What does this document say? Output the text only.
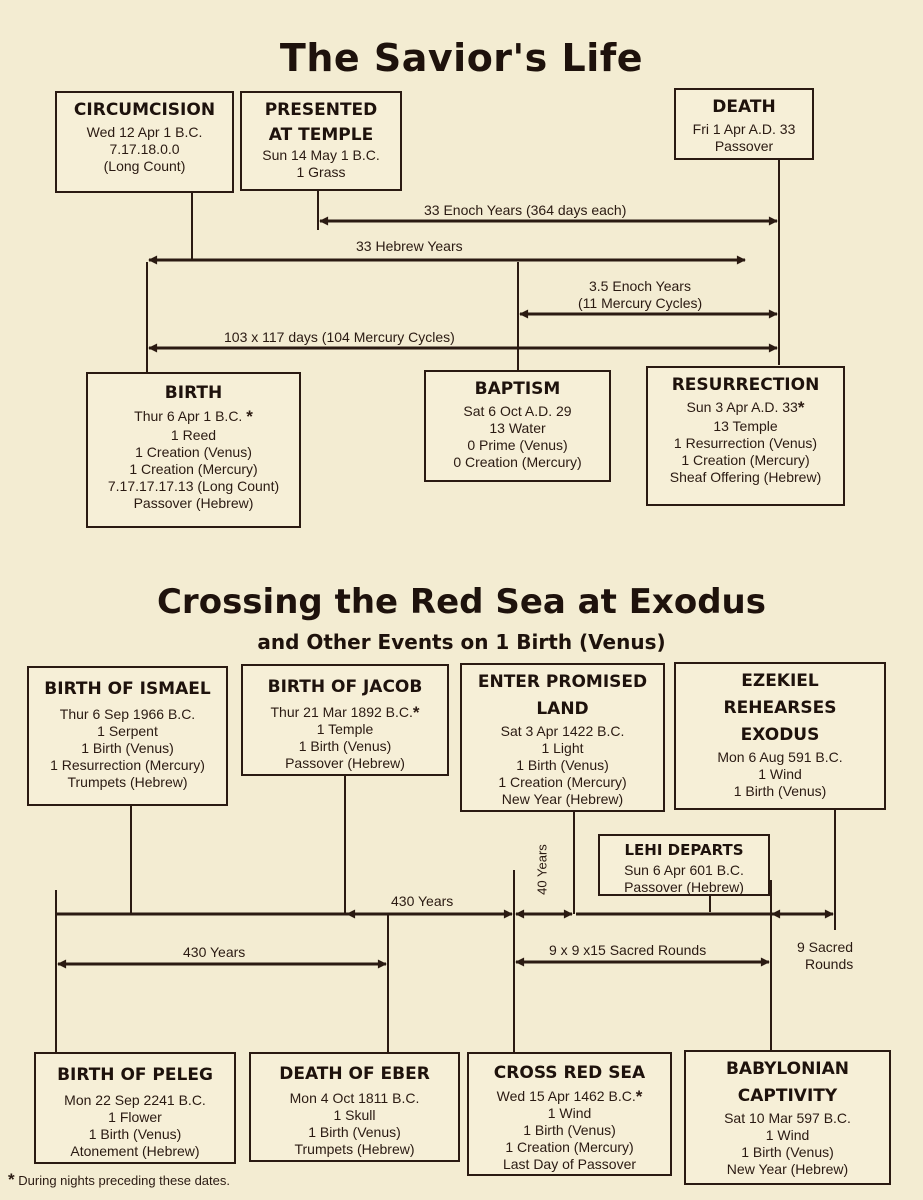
The Savior's Life
Crossing the Red Sea at Exodus
and Other Events on 1 Birth (Venus)
33 Enoch Years (364 days each)
33 Hebrew Years
3.5 Enoch Years
(11 Mercury Cycles)
103 x 117 days (104 Mercury Cycles)
CIRCUMCISION
Wed 12 Apr 1 B.C.
7.17.18.0.0
(Long Count)
PRESENTED
AT TEMPLE
Sun 14 May 1 B.C.
1 Grass
DEATH
Fri 1 Apr A.D. 33
Passover
BIRTH
Thur 6 Apr 1 B.C. *
1 Reed
1 Creation (Venus)
1 Creation (Mercury)
7.17.17.17.13 (Long Count)
Passover (Hebrew)
BAPTISM
Sat 6 Oct A.D. 29
13 Water
0 Prime (Venus)
0 Creation (Mercury)
RESURRECTION
Sun 3 Apr A.D. 33*
13 Temple
1 Resurrection (Venus)
1 Creation (Mercury)
Sheaf Offering (Hebrew)
430 Years
430 Years
40 Years
9 x 9 x15 Sacred Rounds	9 Sacred
Rounds
BIRTH OF ISMAEL
Thur 6 Sep 1966 B.C.
1 Serpent
1 Birth (Venus)
1 Resurrection (Mercury)
Trumpets (Hebrew)
BIRTH OF JACOB
Thur 21 Mar 1892 B.C.*
1 Temple
1 Birth (Venus)
Passover (Hebrew)
ENTER PROMISED
LAND
Sat 3 Apr 1422 B.C.
1 Light
1 Birth (Venus)
1 Creation (Mercury)
New Year (Hebrew)
EZEKIEL
REHEARSES
EXODUS
Mon 6 Aug 591 B.C.
1 Wind
1 Birth (Venus)
LEHI DEPARTS
Sun 6 Apr 601 B.C.
Passover (Hebrew)
BIRTH OF PELEG
Mon 22 Sep 2241 B.C.
1 Flower
1 Birth (Venus)
Atonement (Hebrew)
DEATH OF EBER
Mon 4 Oct 1811 B.C.
1 Skull
1 Birth (Venus)
Trumpets (Hebrew)
CROSS RED SEA
Wed 15 Apr 1462 B.C.*
1 Wind
1 Birth (Venus)
1 Creation (Mercury)
Last Day of Passover
BABYLONIAN
CAPTIVITY
Sat 10 Mar 597 B.C.
1 Wind
1 Birth (Venus)
New Year (Hebrew)
* During nights preceding these dates.
